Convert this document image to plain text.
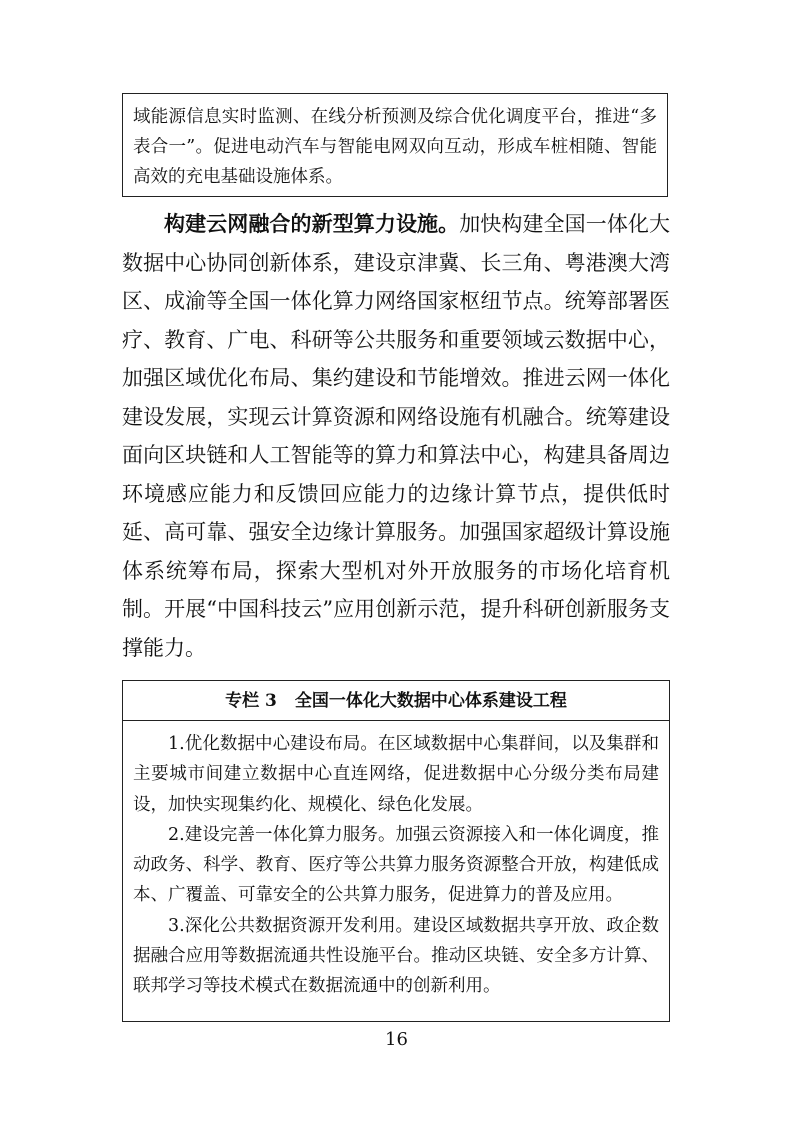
域能源信息实时监测、在线分析预测及综合优化调度平台，推进“多表合一”。促进电动汽车与智能电网双向互动，形成车桩相随、智能高效的充电基础设施体系。

构建云网融合的新型算力设施。加快构建全国一体化大数据中心协同创新体系，建设京津冀、长三角、粤港澳大湾区、成渝等全国一体化算力网络国家枢纽节点。统筹部署医疗、教育、广电、科研等公共服务和重要领域云数据中心，加强区域优化布局、集约建设和节能增效。推进云网一体化建设发展，实现云计算资源和网络设施有机融合。统筹建设面向区块链和人工智能等的算力和算法中心，构建具备周边环境感应能力和反馈回应能力的边缘计算节点，提供低时延、高可靠、强安全边缘计算服务。加强国家超级计算设施体系统筹布局，探索大型机对外开放服务的市场化培育机制。开展“中国科技云”应用创新示范，提升科研创新服务支撑能力。

专栏 3 全国一体化大数据中心体系建设工程

1.优化数据中心建设布局。在区域数据中心集群间，以及集群和主要城市间建立数据中心直连网络，促进数据中心分级分类布局建设，加快实现集约化、规模化、绿色化发展。

2.建设完善一体化算力服务。加强云资源接入和一体化调度，推动政务、科学、教育、医疗等公共算力服务资源整合开放，构建低成本、广覆盖、可靠安全的公共算力服务，促进算力的普及应用。

3.深化公共数据资源开发利用。建设区域数据共享开放、政企数据融合应用等数据流通共性设施平台。推动区块链、安全多方计算、联邦学习等技术模式在数据流通中的创新利用。

16
